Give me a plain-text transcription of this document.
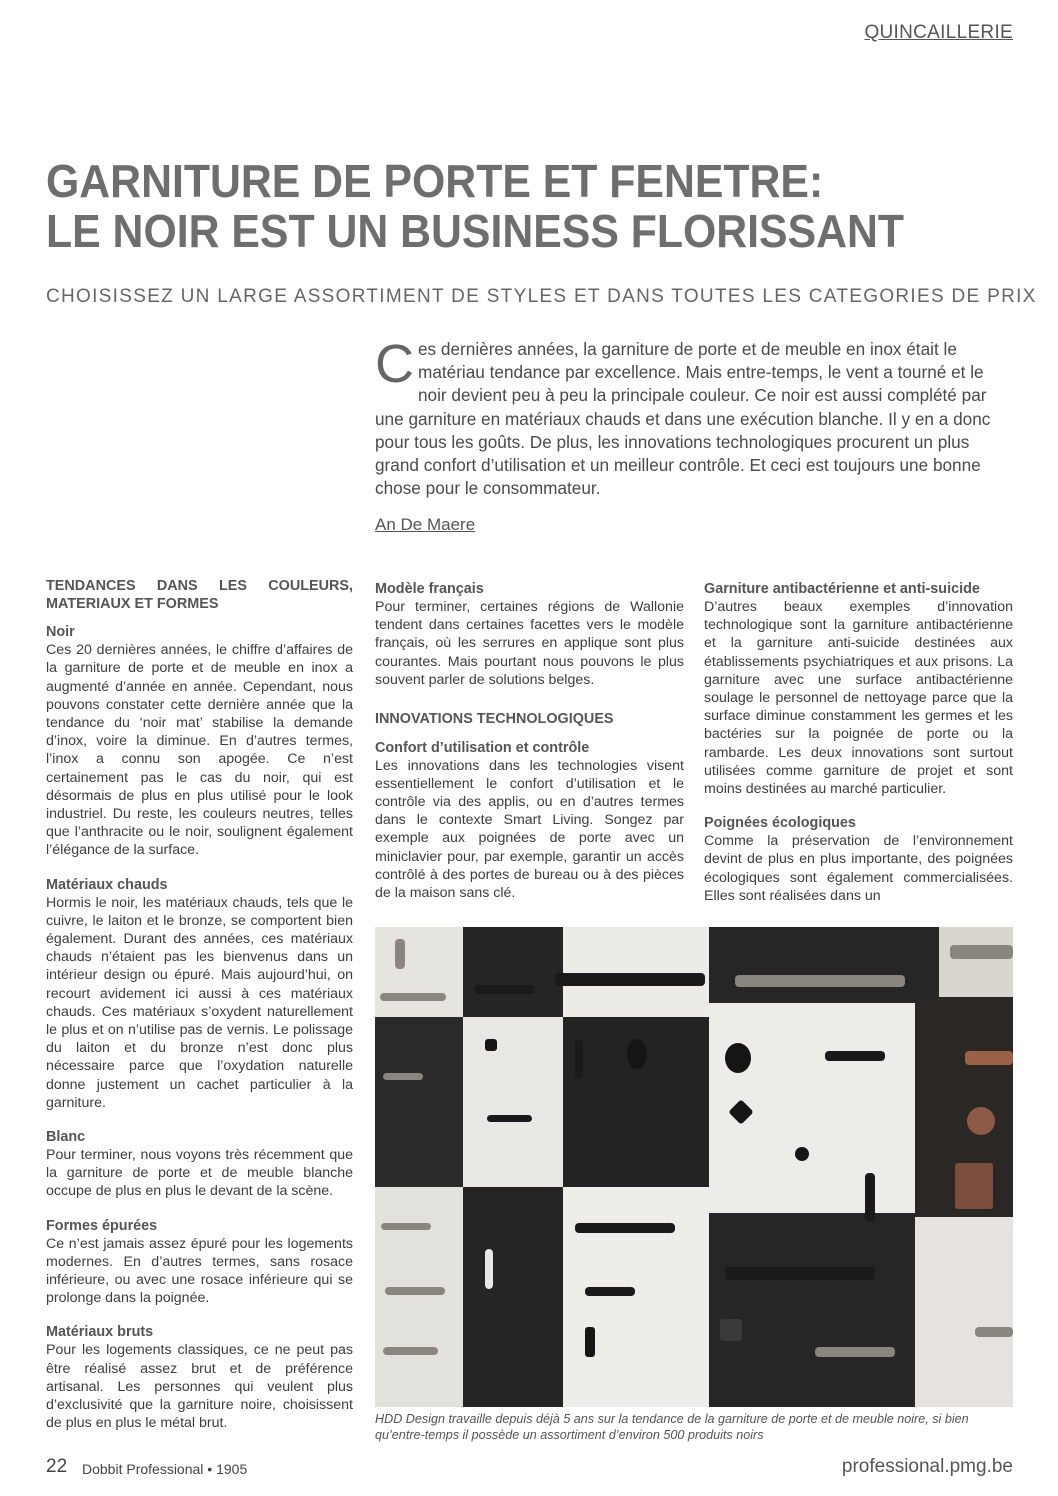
QUINCAILLERIE
GARNITURE DE PORTE ET FENETRE:
LE NOIR EST UN BUSINESS FLORISSANT
CHOISISSEZ UN LARGE ASSORTIMENT DE STYLES ET DANS TOUTES LES CATEGORIES DE PRIX
Ces dernières années, la garniture de porte et de meuble en inox était le matériau tendance par excellence. Mais entre-temps, le vent a tourné et le noir devient peu à peu la principale couleur. Ce noir est aussi complété par une garniture en matériaux chauds et dans une exécution blanche. Il y en a donc pour tous les goûts. De plus, les innovations technologiques procurent un plus grand confort d’utilisation et un meilleur contrôle. Et ceci est toujours une bonne chose pour le consommateur.
An De Maere
TENDANCES DANS LES COULEURS, MATERIAUX ET FORMES
Noir

Ces 20 dernières années, le chiffre d’affaires de la garniture de porte et de meuble en inox a augmenté d’année en année. Cependant, nous pouvons constater cette dernière année que la tendance du ‘noir mat’ stabilise la demande d’inox, voire la diminue. En d’autres termes, l’inox a connu son apogée. Ce n’est certainement pas le cas du noir, qui est désormais de plus en plus utilisé pour le look industriel. Du reste, les couleurs neutres, telles que l’anthracite ou le noir, soulignent également l’élégance de la surface.

Matériaux chauds

Hormis le noir, les matériaux chauds, tels que le cuivre, le laiton et le bronze, se comportent bien également. Durant des années, ces matériaux chauds n’étaient pas les bienvenus dans un intérieur design ou épuré. Mais aujourd’hui, on recourt avidement ici aussi à ces matériaux chauds. Ces matériaux s’oxydent naturellement le plus et on n’utilise pas de vernis. Le polissage du laiton et du bronze n’est donc plus nécessaire parce que l’oxydation naturelle donne justement un cachet particulier à la garniture.

Blanc

Pour terminer, nous voyons très récemment que la garniture de porte et de meuble blanche occupe de plus en plus le devant de la scène.

Formes épurées

Ce n’est jamais assez épuré pour les logements modernes. En d’autres termes, sans rosace inférieure, ou avec une rosace inférieure qui se prolonge dans la poignée.

Matériaux bruts

Pour les logements classiques, ce ne peut pas être réalisé assez brut et de préférence artisanal. Les personnes qui veulent plus d’exclusivité que la garniture noire, choisissent de plus en plus le métal brut.

Modèle français

Pour terminer, certaines régions de Wallonie tendent dans certaines facettes vers le modèle français, où les serrures en applique sont plus courantes. Mais pourtant nous pouvons le plus souvent parler de solutions belges.

INNOVATIONS TECHNOLOGIQUES
Confort d’utilisation et contrôle

Les innovations dans les technologies visent essentiellement le confort d’utilisation et le contrôle via des applis, ou en d’autres termes dans le contexte Smart Living. Songez par exemple aux poignées de porte avec un miniclavier pour, par exemple, garantir un accès contrôlé à des portes de bureau ou à des pièces de la maison sans clé.

Garniture antibactérienne et anti-suicide

D’autres beaux exemples d’innovation technologique sont la garniture antibactérienne et la garniture anti-suicide destinées aux établissements psychiatriques et aux prisons. La garniture avec une surface antibactérienne soulage le personnel de nettoyage parce que la surface diminue constamment les germes et les bactéries sur la poignée de porte ou la rambarde. Les deux innovations sont surtout utilisées comme garniture de projet et sont moins destinées au marché particulier.

Poignées écologiques

Comme la préservation de l’environnement devint de plus en plus importante, des poignées écologiques sont également commercialisées. Elles sont réalisées dans un

HDD Design travaille depuis déjà 5 ans sur la tendance de la garniture de porte et de meuble noire, si bien qu’entre-temps il possède un assortiment d’environ 500 produits noirs
22 Dobbit Professional • 1905	professional.pmg.be
